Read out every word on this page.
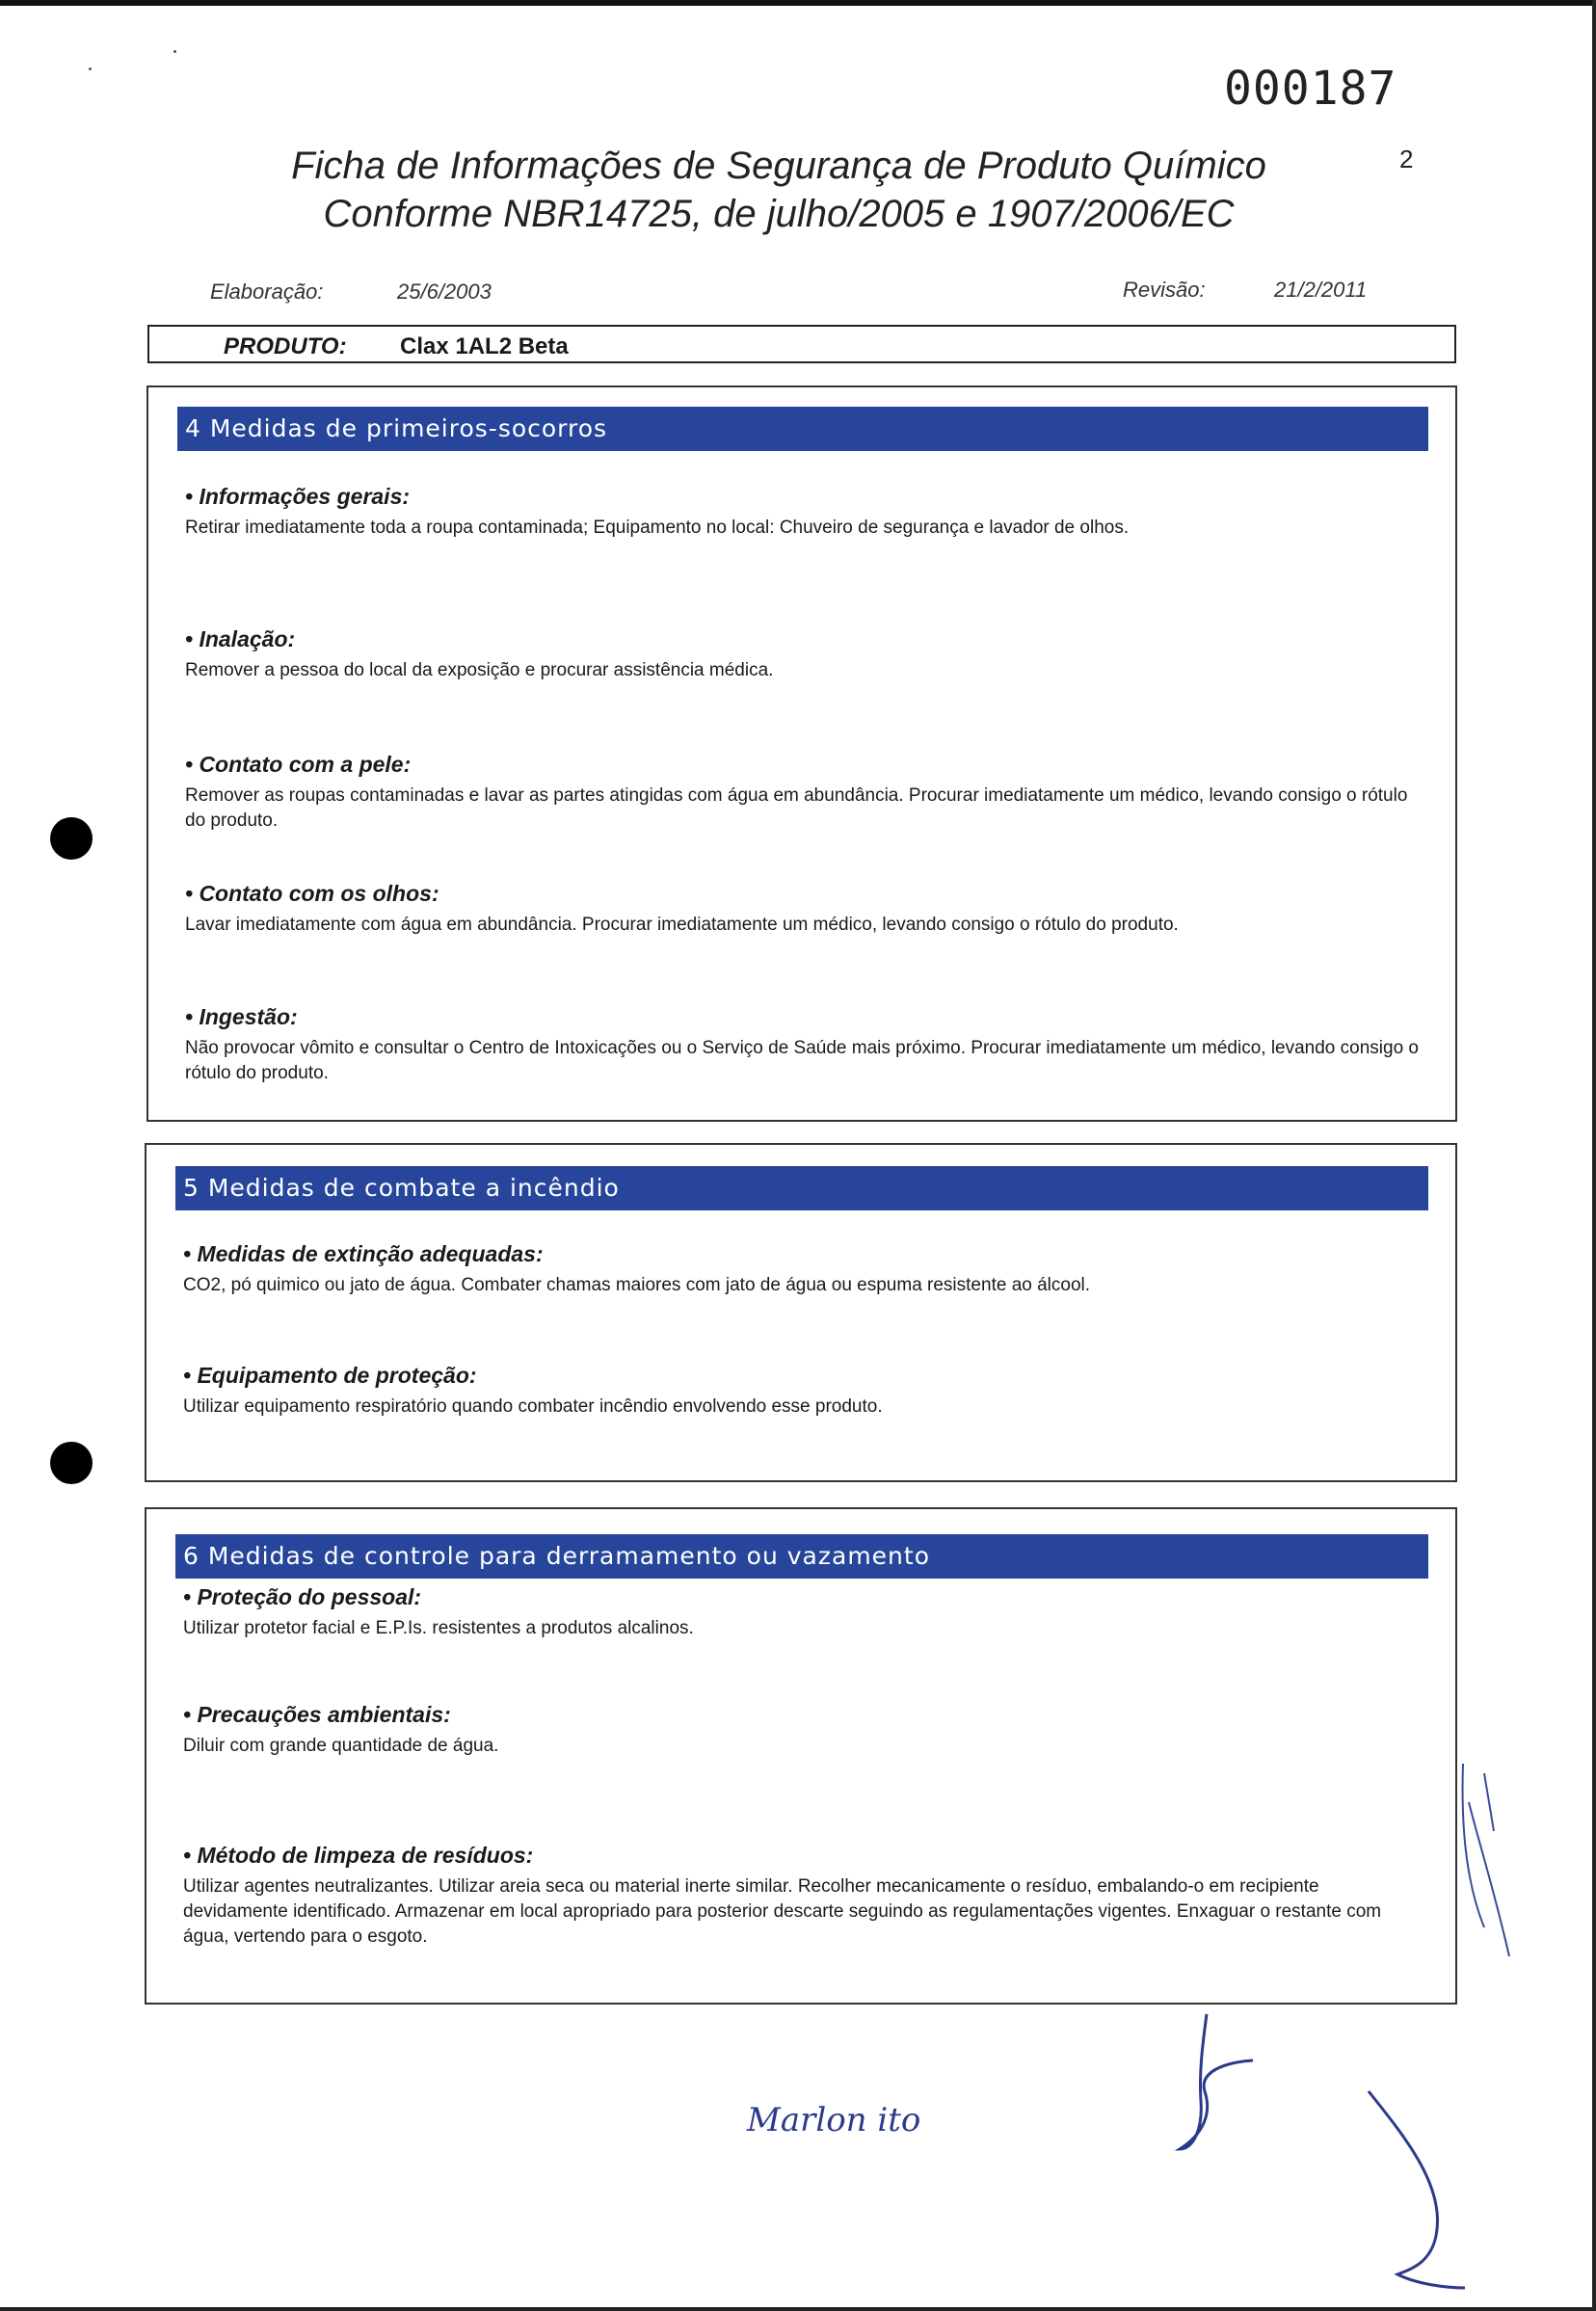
000187
2
Ficha de Informações de Segurança de Produto Químico
Conforme NBR14725, de julho/2005 e 1907/2006/EC
Elaboração:	25/6/2003	Revisão:	21/2/2011
PRODUTO: Clax 1AL2 Beta
4 Medidas de primeiros-socorros

• Informações gerais:

Retirar imediatamente toda a roupa contaminada; Equipamento no local: Chuveiro de segurança e lavador de olhos.

• Inalação:

Remover a pessoa do local da exposição e procurar assistência médica.

• Contato com a pele:

Remover as roupas contaminadas e lavar as partes atingidas com água em abundância. Procurar imediatamente um médico, levando consigo o rótulo do produto.

• Contato com os olhos:

Lavar imediatamente com água em abundância. Procurar imediatamente um médico, levando consigo o rótulo do produto.

• Ingestão:

Não provocar vômito e consultar o Centro de Intoxicações ou o Serviço de Saúde mais próximo. Procurar imediatamente um médico, levando consigo o rótulo do produto.

5 Medidas de combate a incêndio

• Medidas de extinção adequadas:

CO2, pó quimico ou jato de água. Combater chamas maiores com jato de água ou espuma resistente ao álcool.

• Equipamento de proteção:

Utilizar equipamento respiratório quando combater incêndio envolvendo esse produto.

6 Medidas de controle para derramamento ou vazamento

• Proteção do pessoal:

Utilizar protetor facial e E.P.Is. resistentes a produtos alcalinos.

• Precauções ambientais:

Diluir com grande quantidade de água.

• Método de limpeza de resíduos:

Utilizar agentes neutralizantes. Utilizar areia seca ou material inerte similar. Recolher mecanicamente o resíduo, embalando-o em recipiente devidamente identificado. Armazenar em local apropriado para posterior descarte seguindo as regulamentações vigentes. Enxaguar o restante com água, vertendo para o esgoto.

Marlon ito
